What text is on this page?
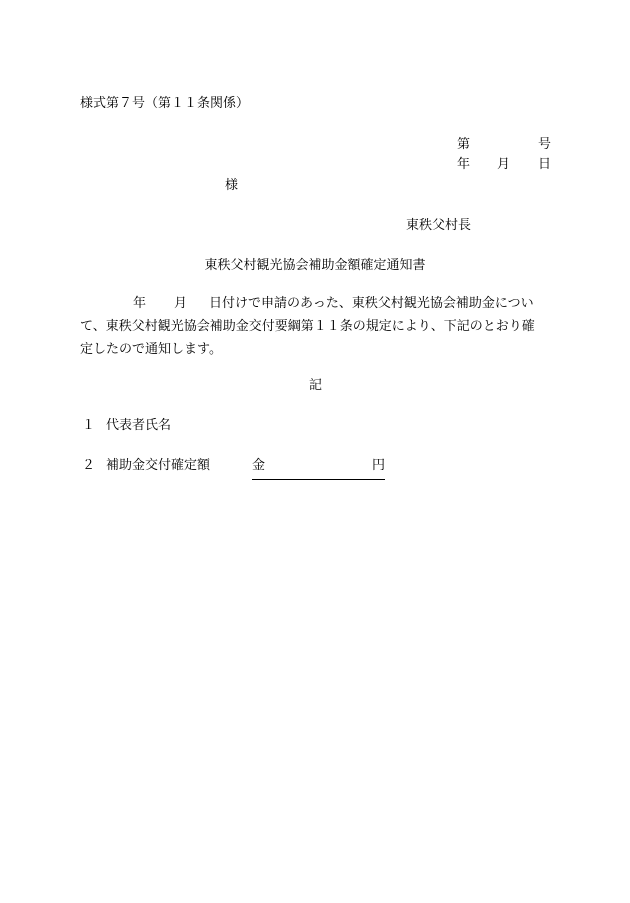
様式第７号（第１１条関係）
第	号
年 月 日
様
東秩父村長
東秩父村観光協会補助金額確定通知書
年 月 日付けで申請のあった、東秩父村観光協会補助金につい
て、東秩父村観光協会補助金交付要綱第１１条の規定により、下記のとおり確
定したので通知します。
記
１ 代表者氏名
２ 補助金交付確定額	金	円
